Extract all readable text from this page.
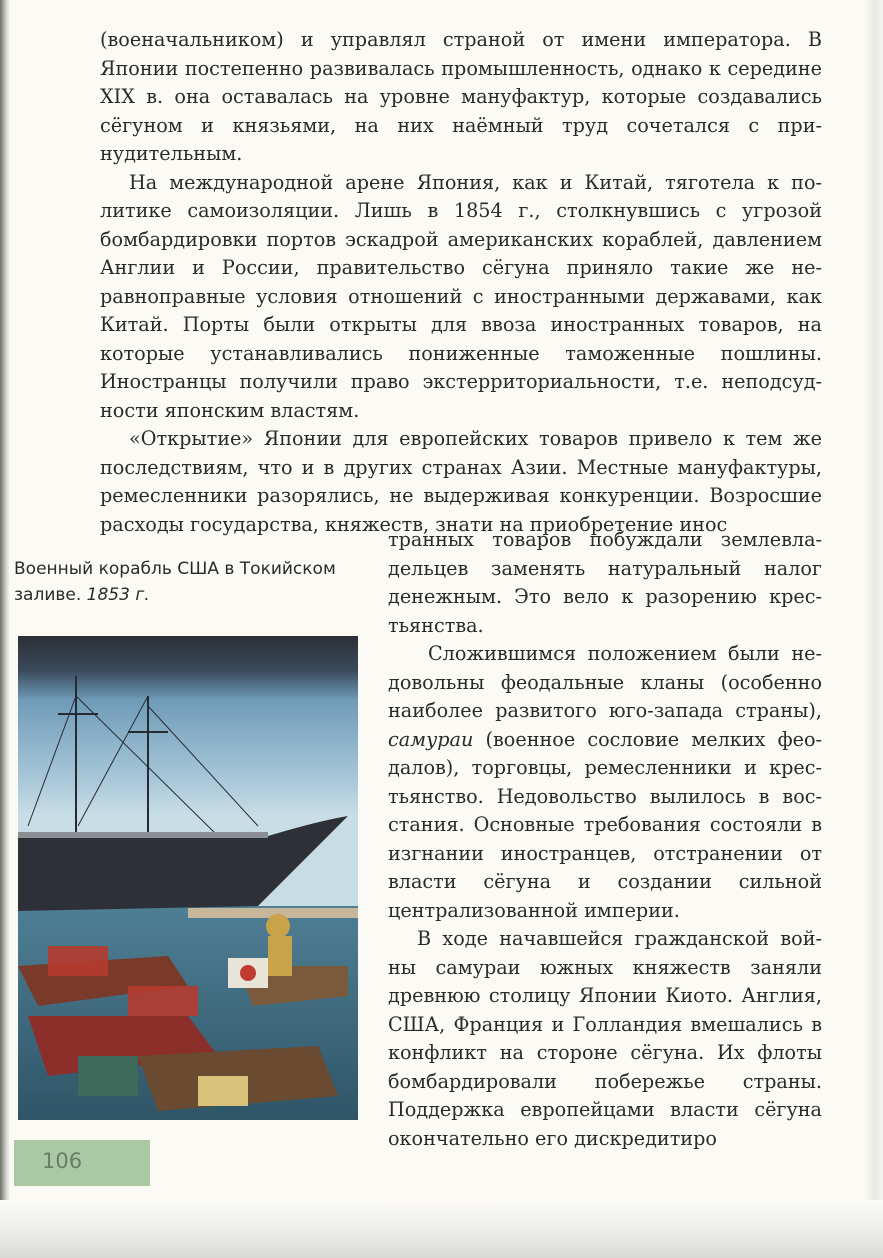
(военачальником) и управлял страной от имени императора. В Японии постепенно развивалась промышленность, однако к середине XIX в. она оставалась на уровне мануфактур, которые создавались сёгуном и князьями, на них наёмный труд сочетался с принудительным.

На международной арене Япония, как и Китай, тяготела к политике самоизоляции. Лишь в 1854 г., столкнувшись с угрозой бомбардировки портов эскадрой американских кораблей, давлением Англии и России, правительство сёгуна приняло такие же неравноправные условия отношений с иностранными державами, как Китай. Порты были открыты для ввоза иностранных товаров, на которые устанавливались пониженные таможенные пошлины. Иностранцы получили право экстерриториальности, т.е. неподсудности японским властям.

«Открытие» Японии для европейских товаров привело к тем же последствиям, что и в других странах Азии. Местные мануфактуры, ремесленники разорялись, не выдерживая конкуренции. Возросшие расходы государства, княжеств, знати на приобретение инос

Военный корабль США в Токийском заливе. 1853 г.

транных товаров побуждали землевладельцев заменять натуральный налог денежным. Это вело к разорению крестьянства.

Сложившимся положением были недовольны феодальные кланы (особенно наиболее развитого юго-запада страны), самураи (военное сословие мелких феодалов), торговцы, ремесленники и крестьянство. Недовольство вылилось в восстания. Основные требования состояли в изгнании иностранцев, отстранении от власти сёгуна и создании сильной централизованной империи.

В ходе начавшейся гражданской войны самураи южных княжеств заняли древнюю столицу Японии Киото. Англия, США, Франция и Голландия вмешались в конфликт на стороне сёгуна. Их флоты бомбардировали побережье страны. Поддержка европейцами власти сёгуна окончательно его дискредитиро

106
